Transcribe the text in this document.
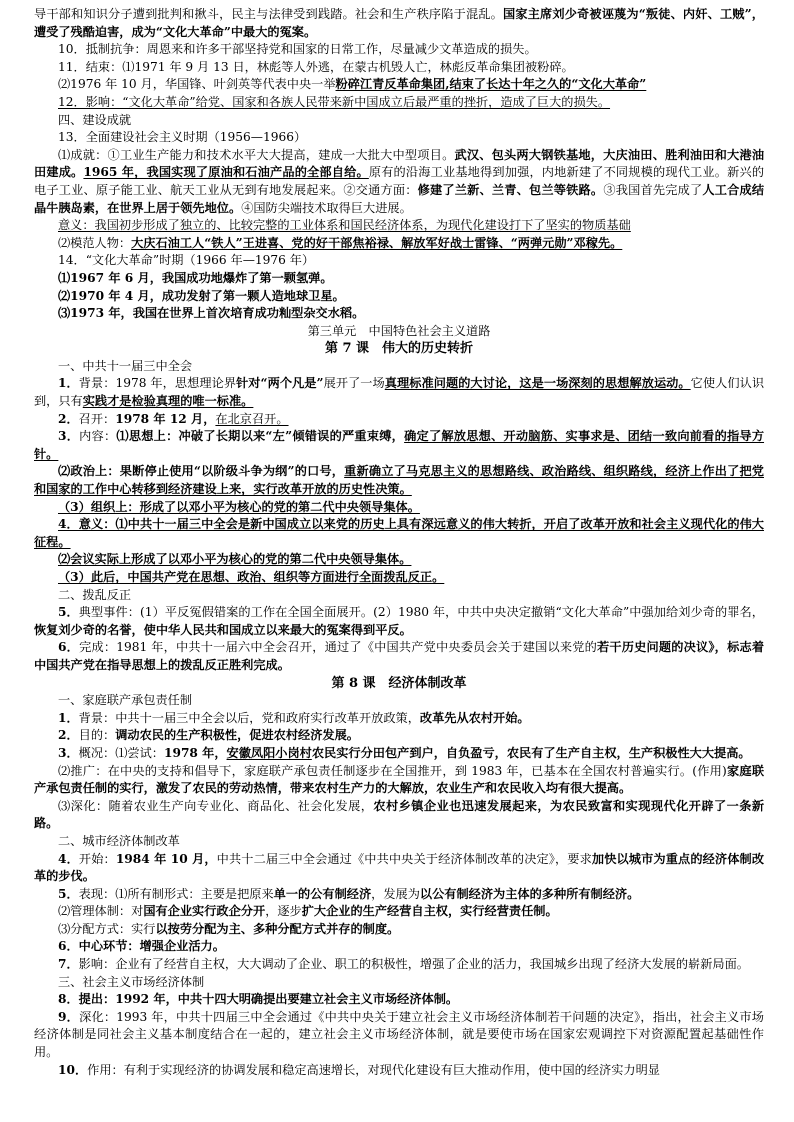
导干部和知识分子遭到批判和揪斗，民主与法律受到践踏。社会和生产秩序陷于混乱。国家主席刘少奇被诬蔑为“叛徒、内奸、工贼”，遭受了残酷迫害，成为“文化大革命”中最大的冤案。
10．抵制抗争：周恩来和许多干部坚持党和国家的日常工作，尽量减少文革造成的损失。
11．结束：⑴1971 年 9 月 13 日，林彪等人外逃，在蒙古机毁人亡，林彪反革命集团被粉碎。
⑵1976 年 10 月，华国锋、叶剑英等代表中央一举粉碎江青反革命集团,结束了长达十年之久的“文化大革命”
12．影响：“文化大革命”给党、国家和各族人民带来新中国成立后最严重的挫折，造成了巨大的损失。
四、建设成就
13．全面建设社会主义时期（1956—1966）
⑴成就：①工业生产能力和技术水平大大提高，建成一大批大中型项目。武汉、包头两大钢铁基地，大庆油田、胜利油田和大港油田建成。1965 年，我国实现了原油和石油产品的全部自给。原有的沿海工业基地得到加强，内地新建了不同规模的现代工业。新兴的电子工业、原子能工业、航天工业从无到有地发展起来。②交通方面：修建了兰新、兰青、包兰等铁路。③我国首先完成了人工合成结晶牛胰岛素，在世界上居于领先地位。④国防尖端技术取得巨大进展。
意义：我国初步形成了独立的、比较完整的工业体系和国民经济体系，为现代化建设打下了坚实的物质基础
⑵模范人物：大庆石油工人“铁人”王进喜、党的好干部焦裕禄、解放军好战士雷锋、“两弹元勋”邓稼先。
14．“文化大革命”时期（1966 年—1976 年）
⑴1967 年 6 月，我国成功地爆炸了第一颗氢弹。
⑵1970 年 4 月，成功发射了第一颗人造地球卫星。
⑶1973 年，我国在世界上首次培育成功籼型杂交水稻。
第三单元　中国特色社会主义道路
第 7 课　伟大的历史转折
一、中共十一届三中全会
1．背景：1978 年，思想理论界针对“两个凡是”展开了一场真理标准问题的大讨论，这是一场深刻的思想解放运动。它使人们认识到，只有实践才是检验真理的唯一标准。
2．召开：1978 年 12 月，在北京召开。
3．内容：⑴思想上：冲破了长期以来“左”倾错误的严重束缚，确定了解放思想、开动脑筋、实事求是、团结一致向前看的指导方针。
⑵政治上：果断停止使用“以阶级斗争为纲”的口号，重新确立了马克思主义的思想路线、政治路线、组织路线，经济上作出了把党和国家的工作中心转移到经济建设上来，实行改革开放的历史性决策。
（3）组织上：形成了以邓小平为核心的党的第二代中央领导集体。
4．意义：⑴中共十一届三中全会是新中国成立以来党的历史上具有深远意义的伟大转折，开启了改革开放和社会主义现代化的伟大征程。
⑵会议实际上形成了以邓小平为核心的党的第二代中央领导集体。
（3）此后，中国共产党在思想、政治、组织等方面进行全面拨乱反正。
二、拨乱反正
5．典型事件：(1）平反冤假错案的工作在全国全面展开。(2）1980 年，中共中央决定撤销“文化大革命”中强加给刘少奇的罪名，恢复刘少奇的名誉，使中华人民共和国成立以来最大的冤案得到平反。
6．完成：1981 年，中共十一届六中全会召开，通过了《中国共产党中央委员会关于建国以来党的若干历史问题的决议》，标志着中国共产党在指导思想上的拨乱反正胜利完成。
第 8 课　经济体制改革
一、家庭联产承包责任制
1．背景：中共十一届三中全会以后，党和政府实行改革开放政策，改革先从农村开始。
2．目的：调动农民的生产积极性，促进农村经济发展。
3．概况：⑴尝试：1978 年，安徽凤阳小岗村农民实行分田包产到户，自负盈亏，农民有了生产自主权，生产积极性大大提高。
⑵推广：在中央的支持和倡导下，家庭联产承包责任制逐步在全国推开，到 1983 年，已基本在全国农村普遍实行。(作用)家庭联产承包责任制的实行，激发了农民的劳动热情，带来农村生产力的大解放，农业生产和农民收入均有很大提高。
⑶深化：随着农业生产向专业化、商品化、社会化发展，农村乡镇企业也迅速发展起来，为农民致富和实现现代化开辟了一条新路。
二、城市经济体制改革
4．开始：1984 年 10 月，中共十二届三中全会通过《中共中央关于经济体制改革的决定》，要求加快以城市为重点的经济体制改革的步伐。
5．表现：⑴所有制形式：主要是把原来单一的公有制经济，发展为以公有制经济为主体的多种所有制经济。
⑵管理体制：对国有企业实行政企分开，逐步扩大企业的生产经营自主权，实行经营责任制。
⑶分配方式：实行以按劳分配为主、多种分配方式并存的制度。
6．中心环节：增强企业活力。
7．影响：企业有了经营自主权，大大调动了企业、职工的积极性，增强了企业的活力，我国城乡出现了经济大发展的崭新局面。
三、社会主义市场经济体制
8．提出：1992 年，中共十四大明确提出要建立社会主义市场经济体制。
9．深化：1993 年，中共十四届三中全会通过《中共中央关于建立社会主义市场经济体制若干问题的决定》，指出，社会主义市场经济体制是同社会主义基本制度结合在一起的，建立社会主义市场经济体制，就是要使市场在国家宏观调控下对资源配置起基础性作用。
10．作用：有利于实现经济的协调发展和稳定高速增长，对现代化建设有巨大推动作用，使中国的经济实力明显
